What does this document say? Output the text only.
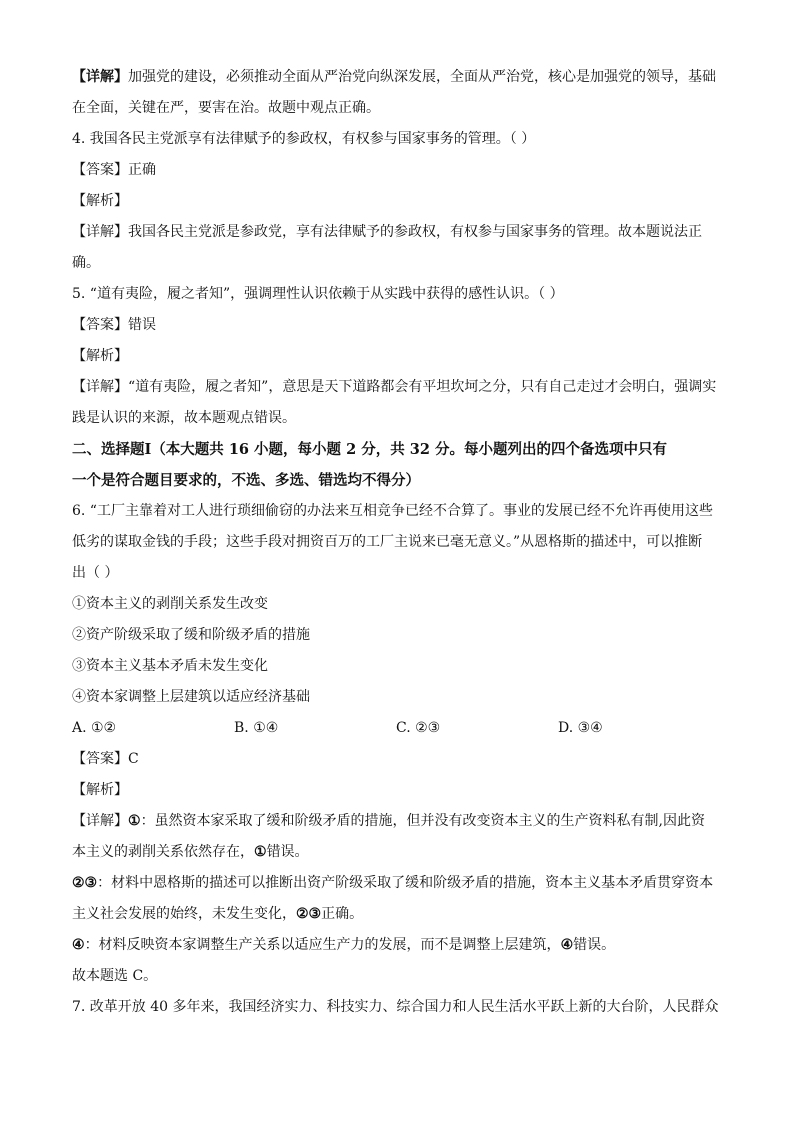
【详解】加强党的建设，必须推动全面从严治党向纵深发展，全面从严治党，核心是加强党的领导，基础
在全面，关键在严，要害在治。故题中观点正确。
4. 我国各民主党派享有法律赋予的参政权，有权参与国家事务的管理。（ ）
【答案】正确
【解析】
【详解】我国各民主党派是参政党，享有法律赋予的参政权，有权参与国家事务的管理。故本题说法正
确。
5. “道有夷险，履之者知”，强调理性认识依赖于从实践中获得的感性认识。（ ）
【答案】错误
【解析】
【详解】“道有夷险，履之者知”，意思是天下道路都会有平坦坎坷之分，只有自己走过才会明白，强调实
践是认识的来源，故本题观点错误。
二、选择题Ⅰ（本大题共 16 小题，每小题 2 分，共 32 分。每小题列出的四个备选项中只有
一个是符合题目要求的，不选、多选、错选均不得分）
6. “工厂主靠着对工人进行琐细偷窃的办法来互相竞争已经不合算了。事业的发展已经不允许再使用这些
低劣的谋取金钱的手段；这些手段对拥资百万的工厂主说来已毫无意义。”从恩格斯的描述中，可以推断
出（ ）
①资本主义的剥削关系发生改变
②资产阶级采取了缓和阶级矛盾的措施
③资本主义基本矛盾未发生变化
④资本家调整上层建筑以适应经济基础
A. ①②	B. ①④	C. ②③	D. ③④
【答案】C
【解析】
【详解】①：虽然资本家采取了缓和阶级矛盾的措施，但并没有改变资本主义的生产资料私有制,因此资
本主义的剥削关系依然存在，①错误。
②③：材料中恩格斯的描述可以推断出资产阶级采取了缓和阶级矛盾的措施，资本主义基本矛盾贯穿资本
主义社会发展的始终，未发生变化，②③正确。
④：材料反映资本家调整生产关系以适应生产力的发展，而不是调整上层建筑，④错误。
故本题选 C。
7. 改革开放 40 多年来，我国经济实力、科技实力、综合国力和人民生活水平跃上新的大台阶，人民群众
